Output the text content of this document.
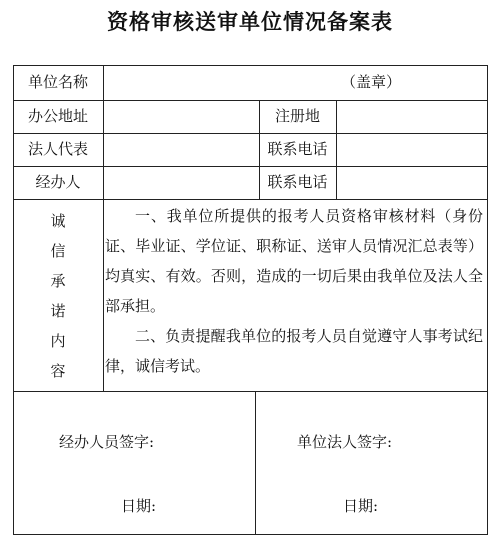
资格审核送审单位情况备案表
单位名称	（盖章）
办公地址	注册地
法人代表	联系电话
经办人	联系电话
诚
信
承
诺
内
容
一、我单位所提供的报考人员资格审核材料（身份证、毕业证、学位证、职称证、送审人员情况汇总表等）均真实、有效。否则，造成的一切后果由我单位及法人全部承担。
二、负责提醒我单位的报考人员自觉遵守人事考试纪律，诚信考试。
经办人员签字:	单位法人签字:
日期:	日期:
